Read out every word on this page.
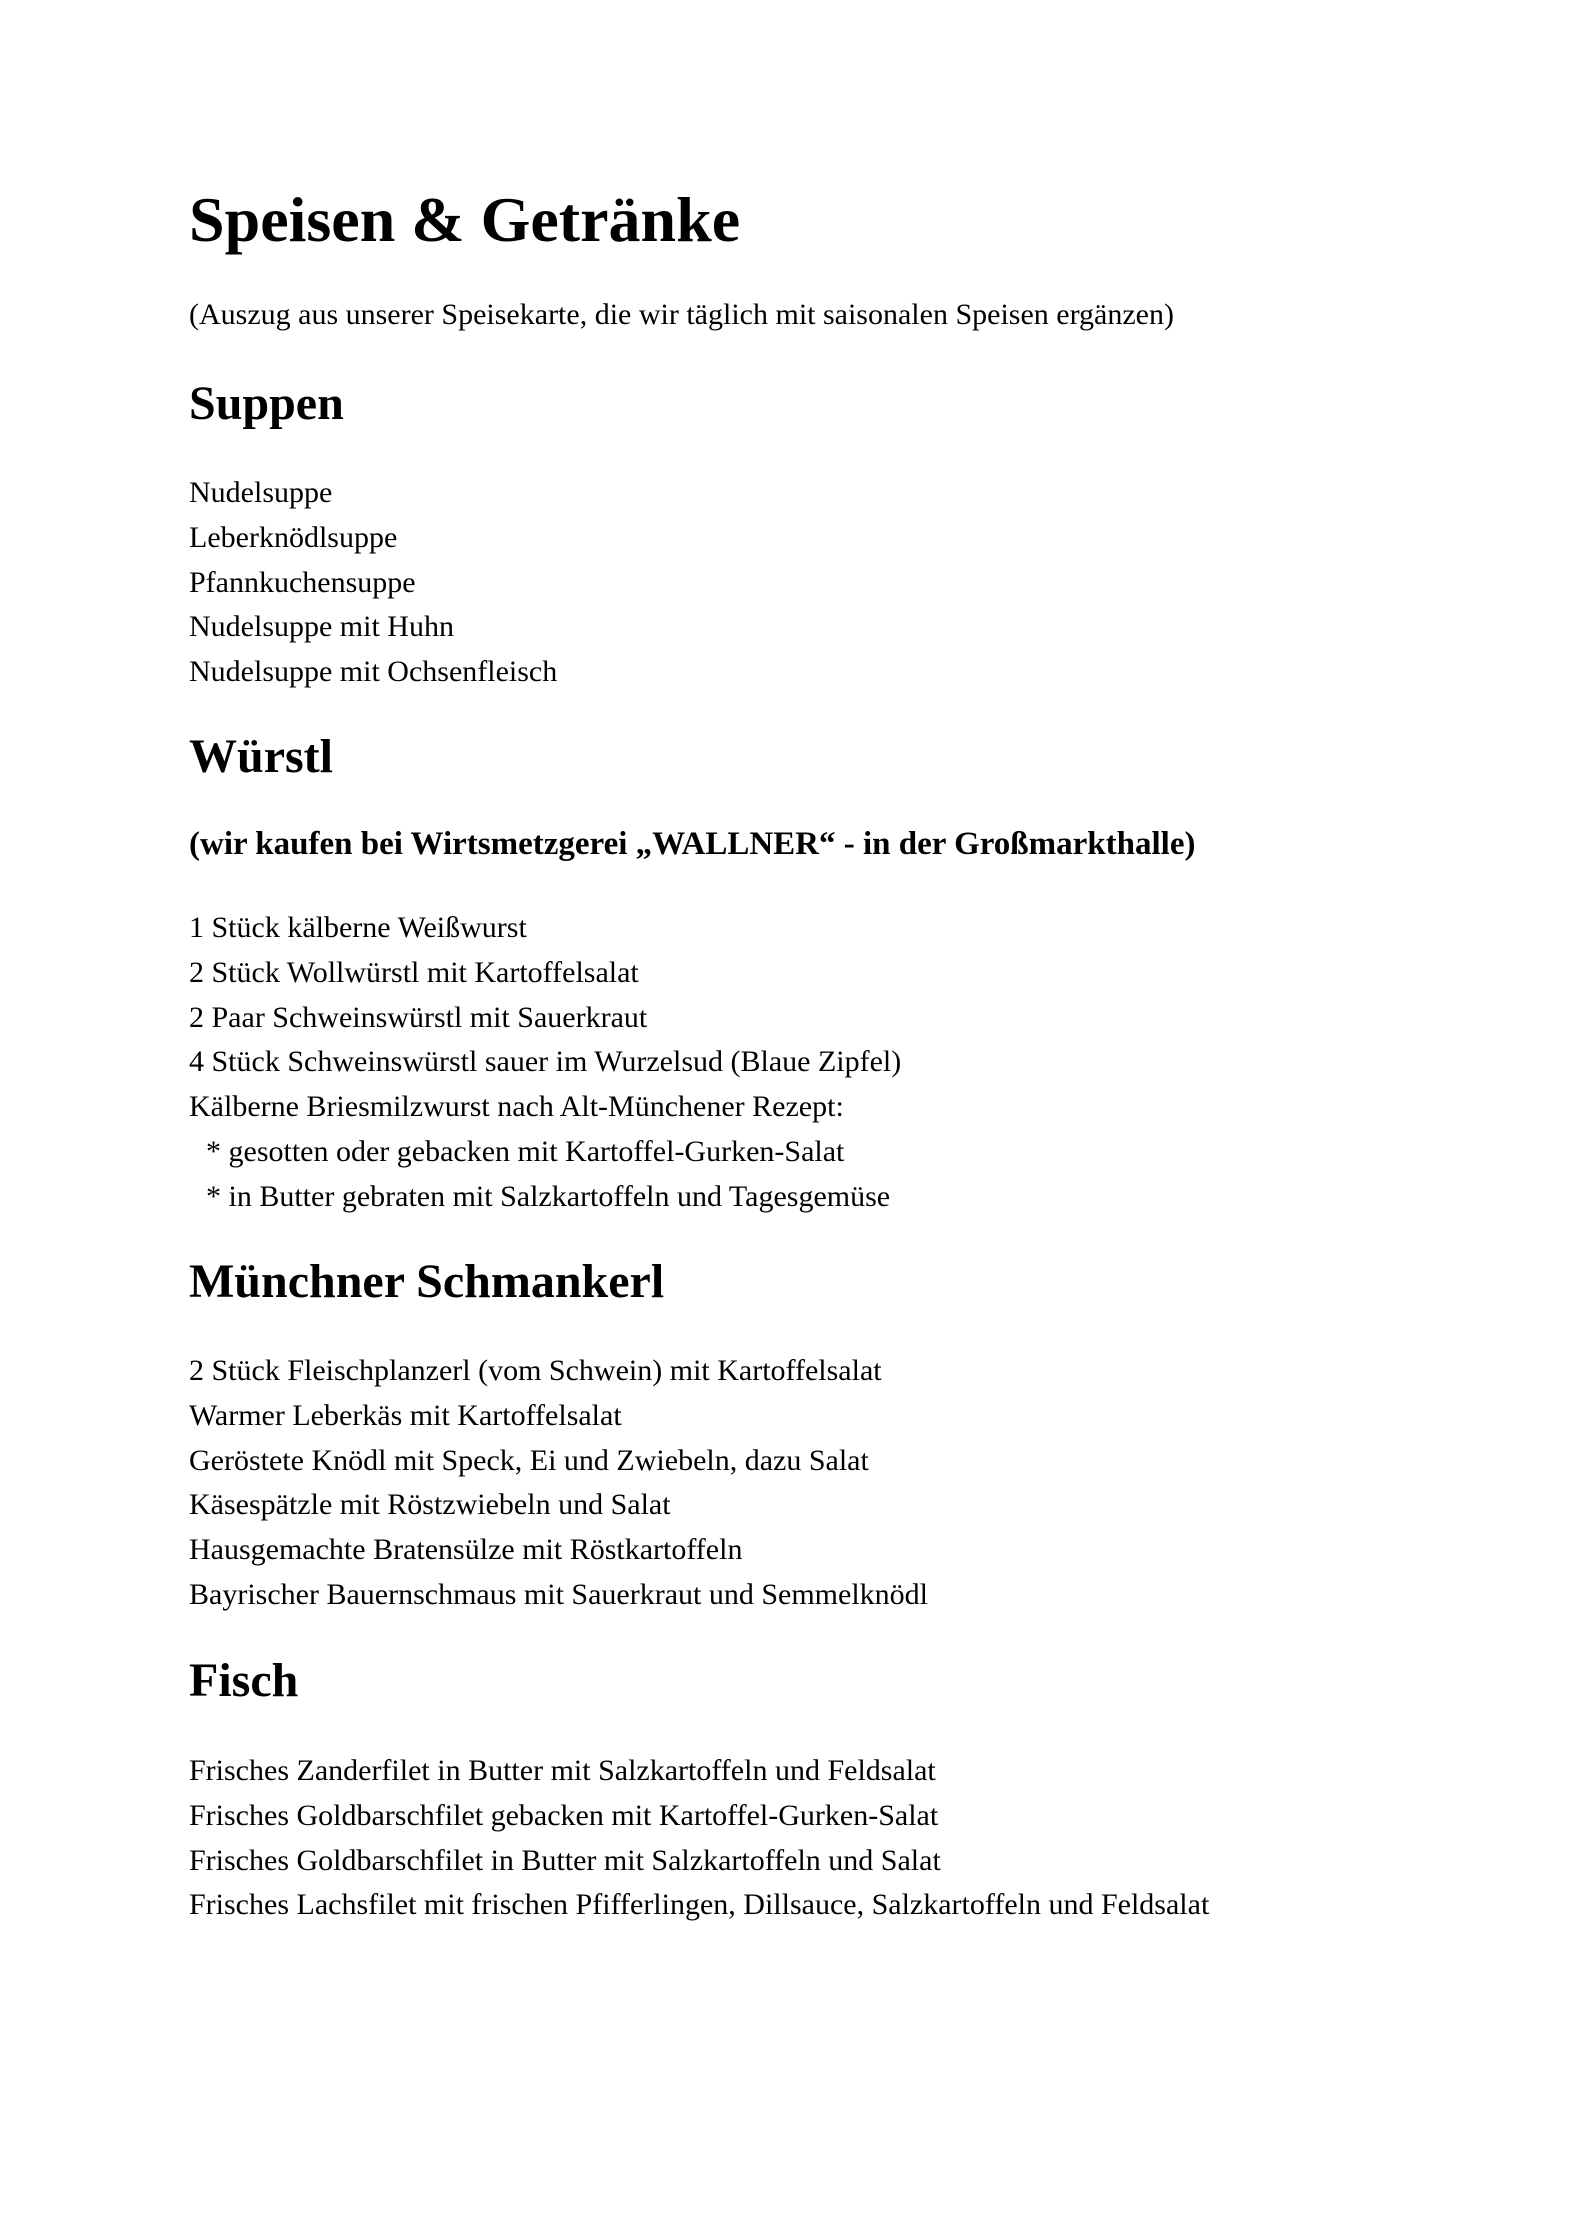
Speisen & Getränke
(Auszug aus unserer Speisekarte, die wir täglich mit saisonalen Speisen ergänzen)
Suppen
Nudelsuppe
Leberknödlsuppe
Pfannkuchensuppe
Nudelsuppe mit Huhn
Nudelsuppe mit Ochsenfleisch
Würstl
(wir kaufen bei Wirtsmetzgerei „WALLNER“ - in der Großmarkthalle)
1 Stück kälberne Weißwurst
2 Stück Wollwürstl mit Kartoffelsalat
2 Paar Schweinswürstl mit Sauerkraut
4 Stück Schweinswürstl sauer im Wurzelsud (Blaue Zipfel)
Kälberne Briesmilzwurst nach Alt-Münchener Rezept:
* gesotten oder gebacken mit Kartoffel-Gurken-Salat
* in Butter gebraten mit Salzkartoffeln und Tagesgemüse
Münchner Schmankerl
2 Stück Fleischplanzerl (vom Schwein) mit Kartoffelsalat
Warmer Leberkäs mit Kartoffelsalat
Geröstete Knödl mit Speck, Ei und Zwiebeln, dazu Salat
Käsespätzle mit Röstzwiebeln und Salat
Hausgemachte Bratensülze mit Röstkartoffeln
Bayrischer Bauernschmaus mit Sauerkraut und Semmelknödl
Fisch
Frisches Zanderfilet in Butter mit Salzkartoffeln und Feldsalat
Frisches Goldbarschfilet gebacken mit Kartoffel-Gurken-Salat
Frisches Goldbarschfilet in Butter mit Salzkartoffeln und Salat
Frisches Lachsfilet mit frischen Pfifferlingen, Dillsauce, Salzkartoffeln und Feldsalat
